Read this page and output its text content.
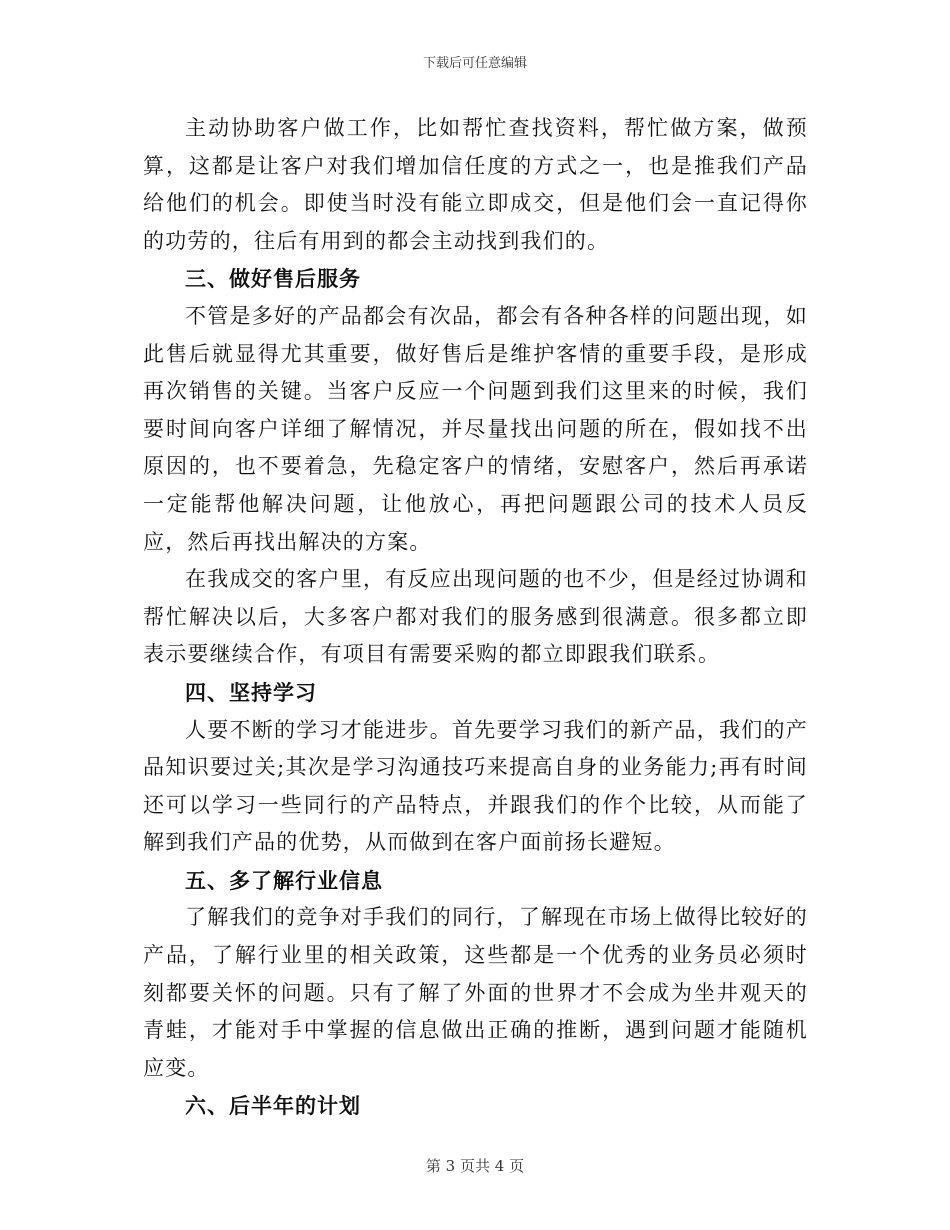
下载后可任意编辑

主动协助客户做工作，比如帮忙查找资料，帮忙做方案，做预算，这都是让客户对我们增加信任度的方式之一，也是推我们产品给他们的机会。即使当时没有能立即成交，但是他们会一直记得你的功劳的，往后有用到的都会主动找到我们的。

三、做好售后服务

不管是多好的产品都会有次品，都会有各种各样的问题出现，如此售后就显得尤其重要，做好售后是维护客情的重要手段，是形成再次销售的关键。当客户反应一个问题到我们这里来的时候，我们要时间向客户详细了解情况，并尽量找出问题的所在，假如找不出原因的，也不要着急，先稳定客户的情绪，安慰客户，然后再承诺一定能帮他解决问题，让他放心，再把问题跟公司的技术人员反应，然后再找出解决的方案。

在我成交的客户里，有反应出现问题的也不少，但是经过协调和帮忙解决以后，大多客户都对我们的服务感到很满意。很多都立即表示要继续合作，有项目有需要采购的都立即跟我们联系。

四、坚持学习

人要不断的学习才能进步。首先要学习我们的新产品，我们的产品知识要过关;其次是学习沟通技巧来提高自身的业务能力;再有时间还可以学习一些同行的产品特点，并跟我们的作个比较，从而能了解到我们产品的优势，从而做到在客户面前扬长避短。

五、多了解行业信息

了解我们的竞争对手我们的同行，了解现在市场上做得比较好的产品，了解行业里的相关政策，这些都是一个优秀的业务员必须时刻都要关怀的问题。只有了解了外面的世界才不会成为坐井观天的青蛙，才能对手中掌握的信息做出正确的推断，遇到问题才能随机应变。

六、后半年的计划

第 3 页共 4 页
